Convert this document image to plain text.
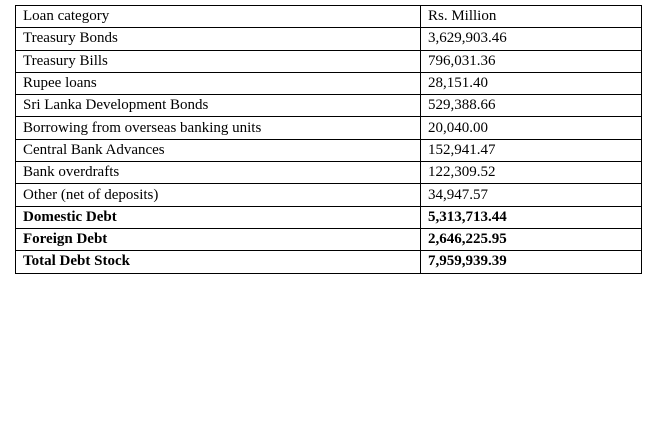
Loan category	Rs. Million
Treasury Bonds	3,629,903.46
Treasury Bills	796,031.36
Rupee loans	28,151.40
Sri Lanka Development Bonds	529,388.66
Borrowing from overseas banking units	20,040.00
Central Bank Advances	152,941.47
Bank overdrafts	122,309.52
Other (net of deposits)	34,947.57
Domestic Debt	5,313,713.44
Foreign Debt	2,646,225.95
Total Debt Stock	7,959,939.39
